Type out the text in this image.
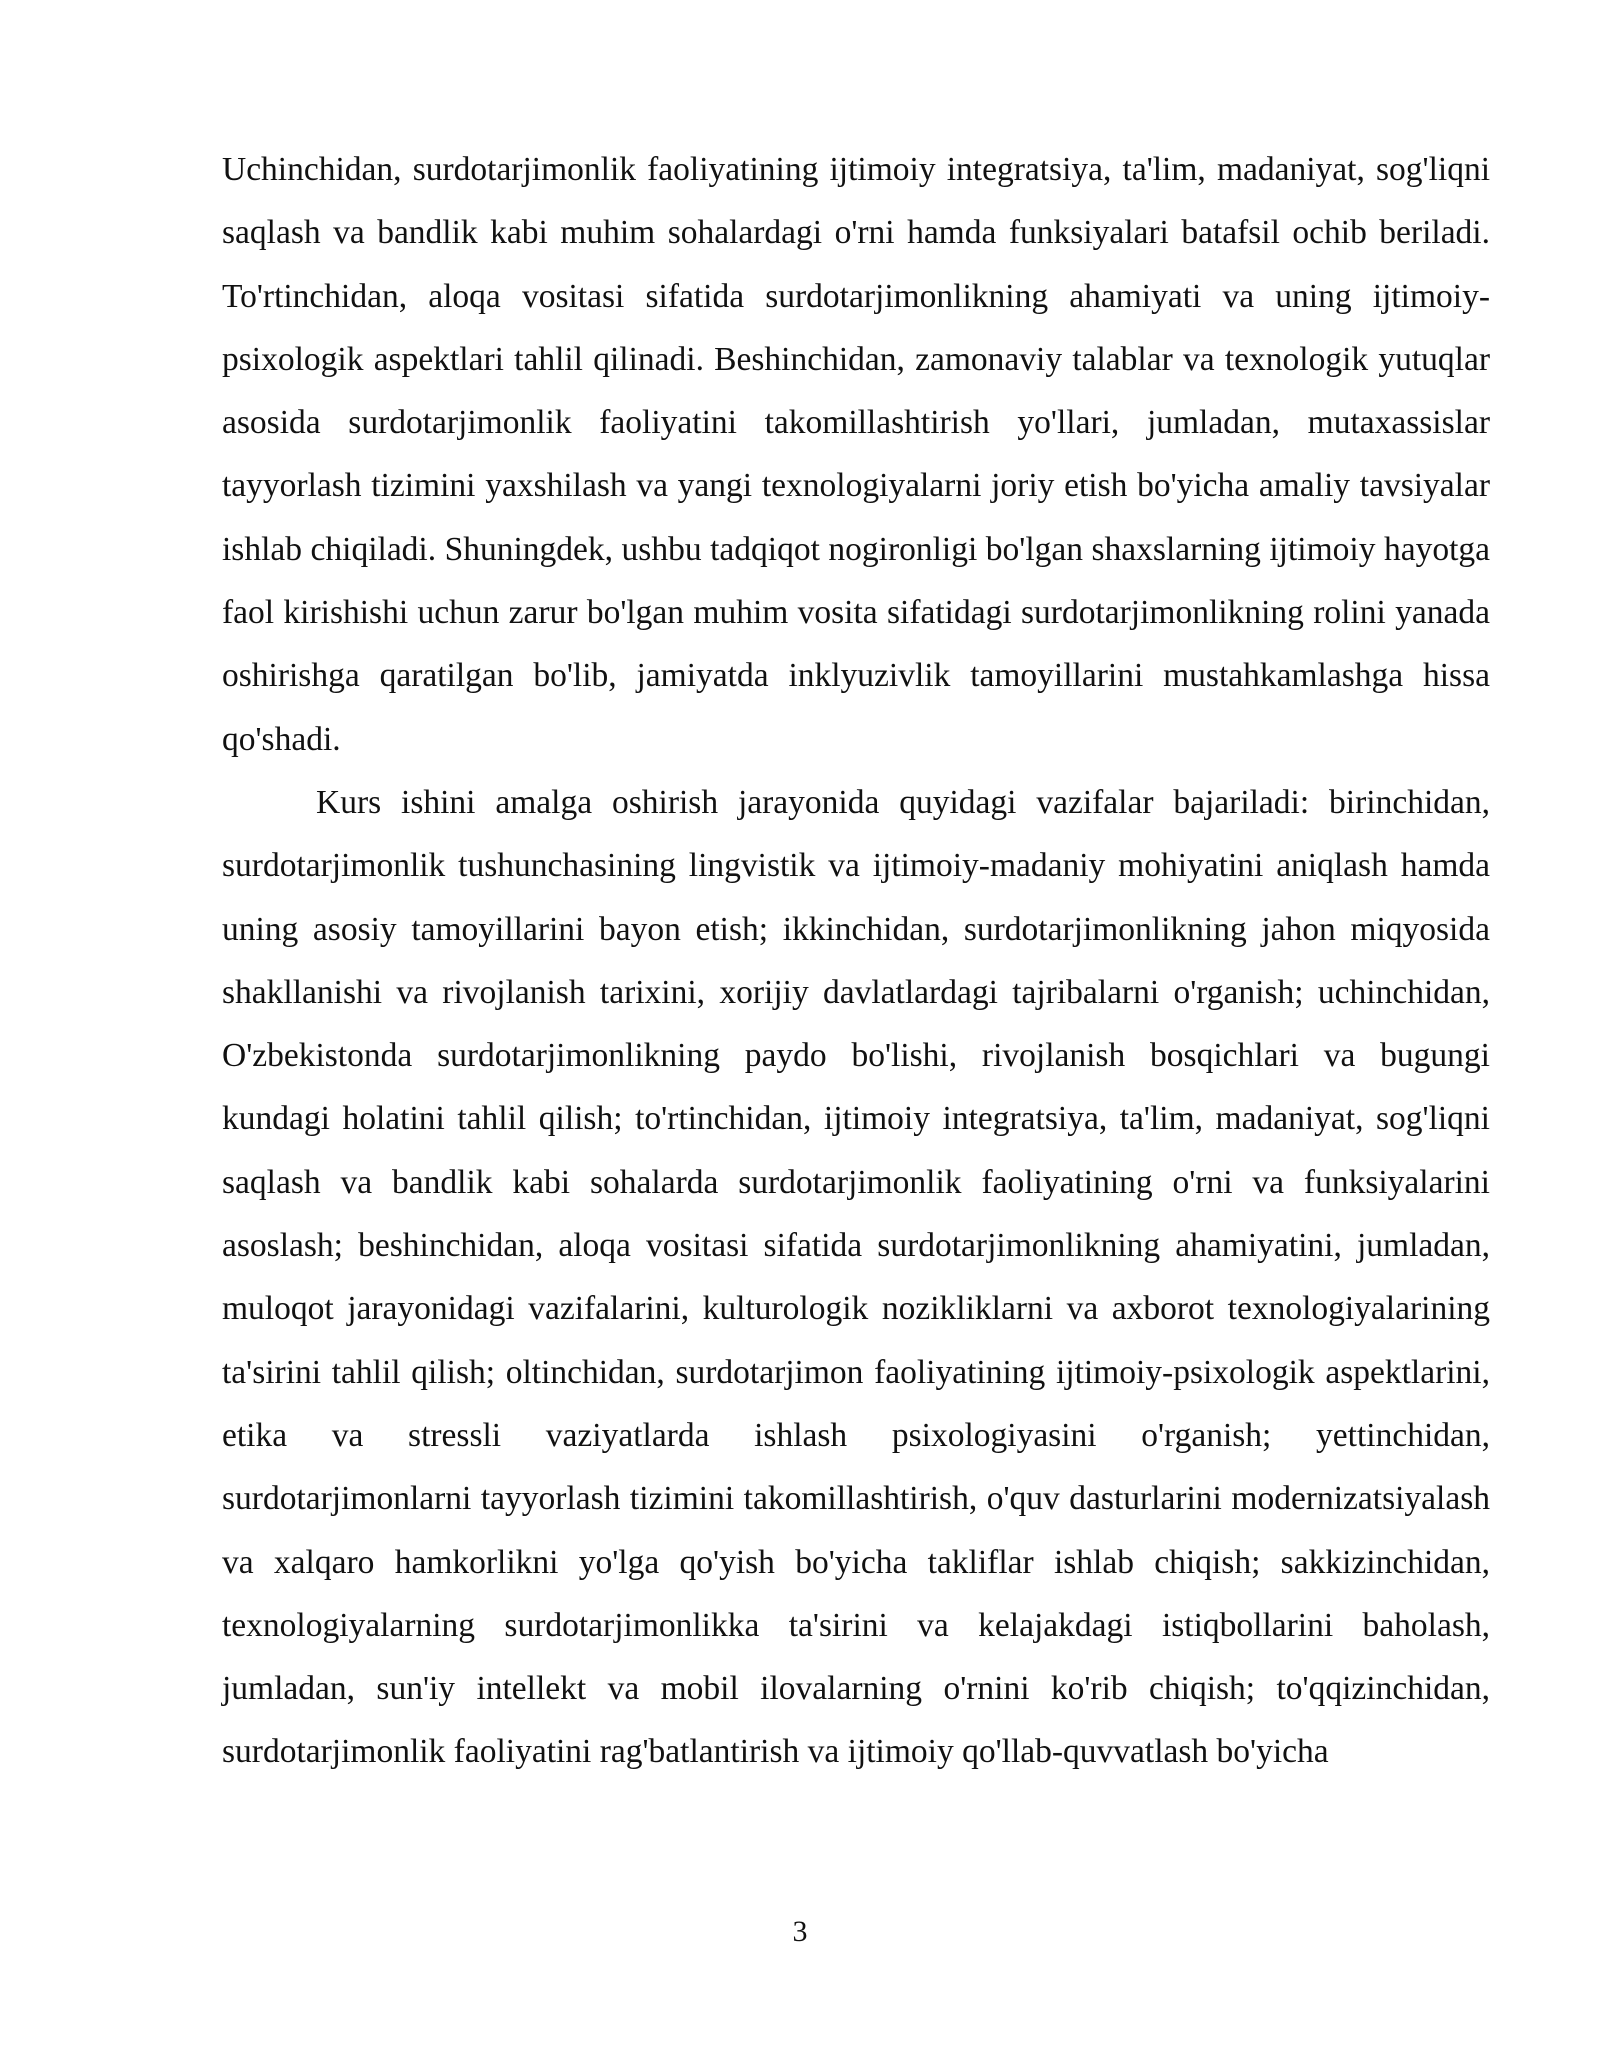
Uchinchidan, surdotarjimonlik faoliyatining ijtimoiy integratsiya, ta'lim, madaniyat, sog'liqni saqlash va bandlik kabi muhim sohalardagi o'rni hamda funksiyalari batafsil ochib beriladi. To'rtinchidan, aloqa vositasi sifatida surdotarjimonlikning ahamiyati va uning ijtimoiy-psixologik aspektlari tahlil qilinadi. Beshinchidan, zamonaviy talablar va texnologik yutuqlar asosida surdotarjimonlik faoliyatini takomillashtirish yo'llari, jumladan, mutaxassislar tayyorlash tizimini yaxshilash va yangi texnologiyalarni joriy etish bo'yicha amaliy tavsiyalar ishlab chiqiladi. Shuningdek, ushbu tadqiqot nogironligi bo'lgan shaxslarning ijtimoiy hayotga faol kirishishi uchun zarur bo'lgan muhim vosita sifatidagi surdotarjimonlikning rolini yanada oshirishga qaratilgan bo'lib, jamiyatda inklyuzivlik tamoyillarini mustahkamlashga hissa qo'shadi.

Kurs ishini amalga oshirish jarayonida quyidagi vazifalar bajariladi: birinchidan, surdotarjimonlik tushunchasining lingvistik va ijtimoiy-madaniy mohiyatini aniqlash hamda uning asosiy tamoyillarini bayon etish; ikkinchidan, surdotarjimonlikning jahon miqyosida shakllanishi va rivojlanish tarixini, xorijiy davlatlardagi tajribalarni o'rganish; uchinchidan, O'zbekistonda surdotarjimonlikning paydo bo'lishi, rivojlanish bosqichlari va bugungi kundagi holatini tahlil qilish; to'rtinchidan, ijtimoiy integratsiya, ta'lim, madaniyat, sog'liqni saqlash va bandlik kabi sohalarda surdotarjimonlik faoliyatining o'rni va funksiyalarini asoslash; beshinchidan, aloqa vositasi sifatida surdotarjimonlikning ahamiyatini, jumladan, muloqot jarayonidagi vazifalarini, kulturologik nozikliklarni va axborot texnologiyalarining ta'sirini tahlil qilish; oltinchidan, surdotarjimon faoliyatining ijtimoiy-psixologik aspektlarini, etika va stressli vaziyatlarda ishlash psixologiyasini o'rganish; yettinchidan, surdotarjimonlarni tayyorlash tizimini takomillashtirish, o'quv dasturlarini modernizatsiyalash va xalqaro hamkorlikni yo'lga qo'yish bo'yicha takliflar ishlab chiqish; sakkizinchidan, texnologiyalarning surdotarjimonlikka ta'sirini va kelajakdagi istiqbollarini baholash, jumladan, sun'iy intellekt va mobil ilovalarning o'rnini ko'rib chiqish; to'qqizinchidan, surdotarjimonlik faoliyatini rag'batlantirish va ijtimoiy qo'llab-quvvatlash bo'yicha

3
